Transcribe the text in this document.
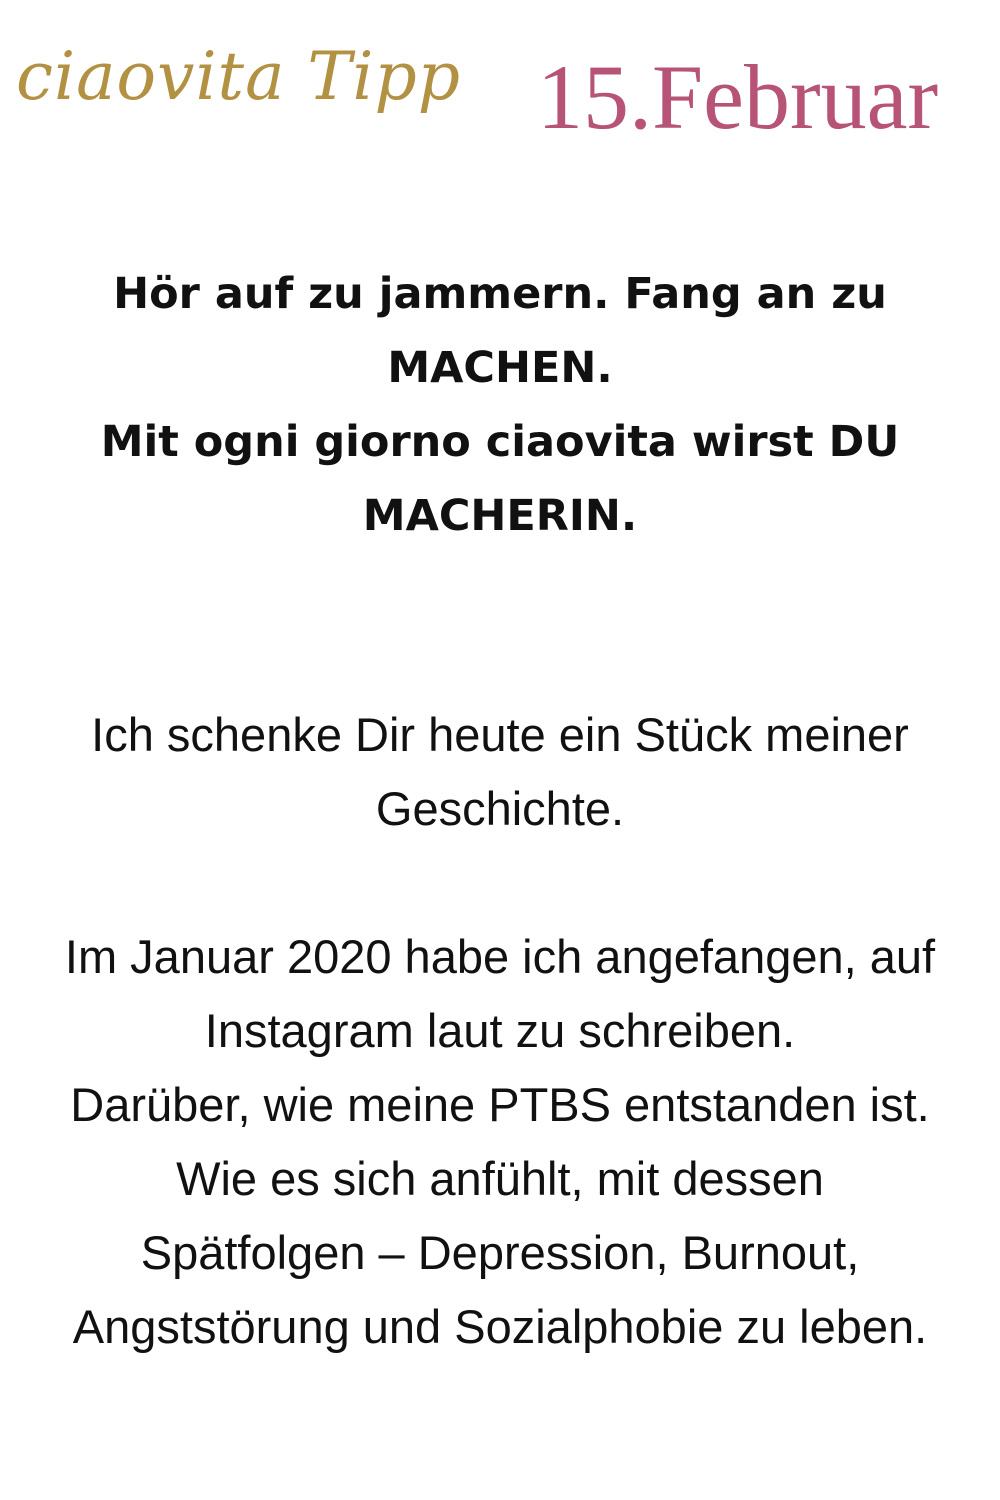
ciaovita Tipp 15.Februar
Hör auf zu jammern. Fang an zu
MACHEN.
Mit ogni giorno ciaovita wirst DU
MACHERIN.
Ich schenke Dir heute ein Stück meiner
Geschichte.
Im Januar 2020 habe ich angefangen, auf
Instagram laut zu schreiben.
Darüber, wie meine PTBS entstanden ist.
Wie es sich anfühlt, mit dessen
Spätfolgen – Depression, Burnout,
Angststörung und Sozialphobie zu leben.
